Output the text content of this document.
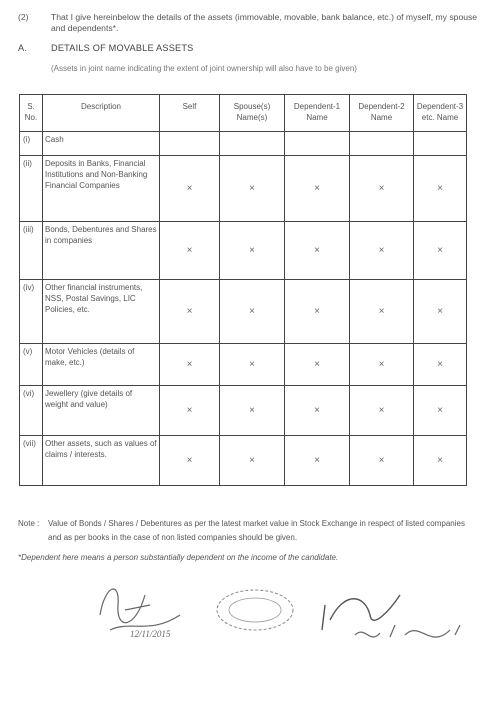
(2)	That I give hereinbelow the details of the assets (immovable, movable, bank balance, etc.) of myself, my spouse and dependents*.
A.	DETAILS OF MOVABLE ASSETS
(Assets in joint name indicating the extent of joint ownership will also have to be given)
S. No.	Description	Self	Spouse(s) Name(s)	Dependent-1 Name	Dependent-2 Name	Dependent-3 etc. Name
(i)	Cash					
(ii)	Deposits in Banks, Financial Institutions and Non-Banking Financial Companies	×	×	×	×	×
(iii)	Bonds, Debentures and Shares in companies	×	×	×	×	×
(iv)	Other financial instruments, NSS, Postal Savings, LIC Policies, etc.	×	×	×	×	×
(v)	Motor Vehicles (details of make, etc.)	×	×	×	×	×
(vi)	Jewellery (give details of weight and value)	×	×	×	×	×
(vii)	Other assets, such as values of claims / interests.	×	×	×	×	×
Note : Value of Bonds / Shares / Debentures as per the latest market value in Stock Exchange in respect of listed companies and as per books in the case of non listed companies should be given.
*Dependent here means a person substantially dependent on the income of the candidate.
12/11/2015
